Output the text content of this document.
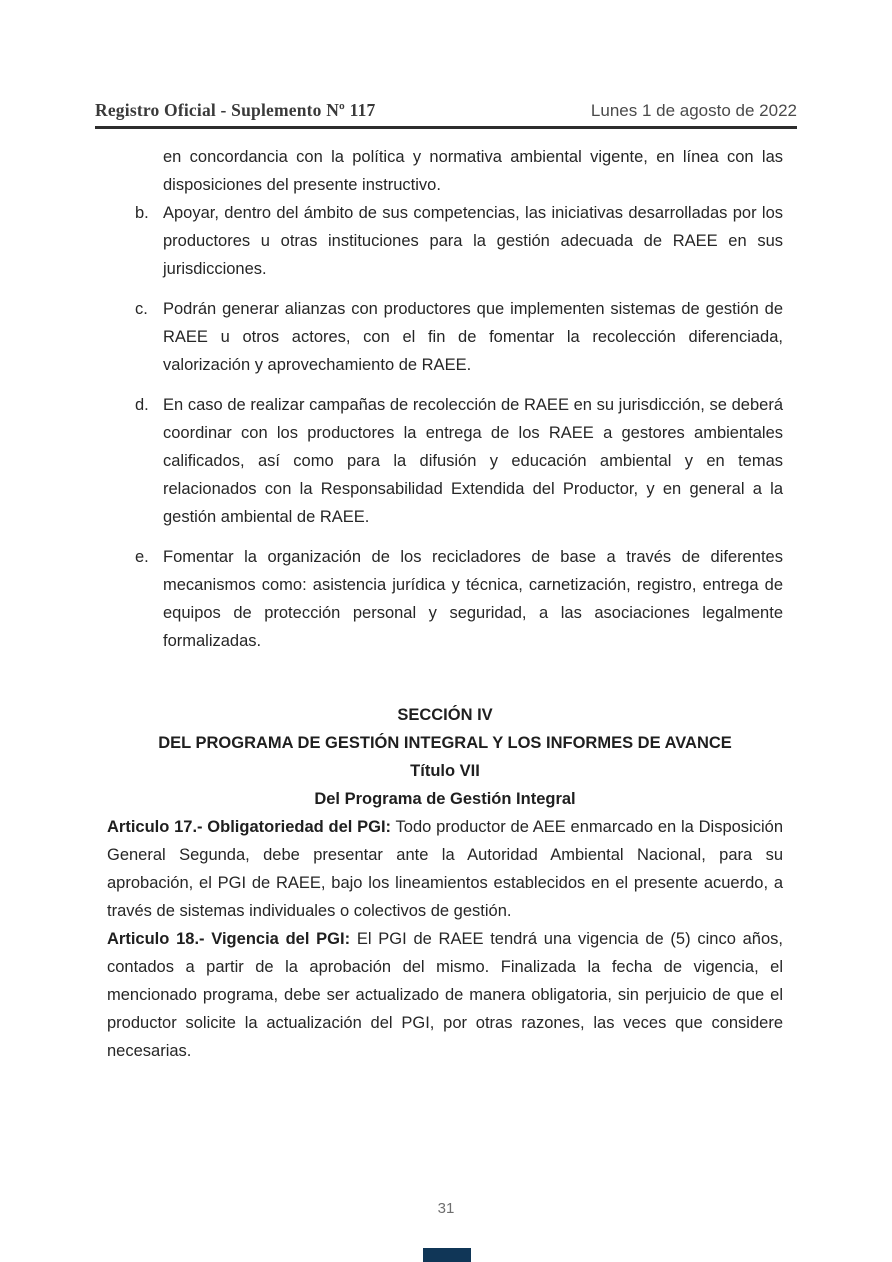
Registro Oficial - Suplemento Nº 117	Lunes 1 de agosto de 2022

en concordancia con la política y normativa ambiental vigente, en línea con las disposiciones del presente instructivo.

b. Apoyar, dentro del ámbito de sus competencias, las iniciativas desarrolladas por los productores u otras instituciones para la gestión adecuada de RAEE en sus jurisdicciones.

c. Podrán generar alianzas con productores que implementen sistemas de gestión de RAEE u otros actores, con el fin de fomentar la recolección diferenciada, valorización y aprovechamiento de RAEE.

d. En caso de realizar campañas de recolección de RAEE en su jurisdicción, se deberá coordinar con los productores la entrega de los RAEE a gestores ambientales calificados, así como para la difusión y educación ambiental y en temas relacionados con la Responsabilidad Extendida del Productor, y en general a la gestión ambiental de RAEE.

e. Fomentar la organización de los recicladores de base a través de diferentes mecanismos como: asistencia jurídica y técnica, carnetización, registro, entrega de equipos de protección personal y seguridad, a las asociaciones legalmente formalizadas.

SECCIÓN IV

DEL PROGRAMA DE GESTIÓN INTEGRAL Y LOS INFORMES DE AVANCE

Título VII

Del Programa de Gestión Integral

Articulo 17.- Obligatoriedad del PGI: Todo productor de AEE enmarcado en la Disposición General Segunda, debe presentar ante la Autoridad Ambiental Nacional, para su aprobación, el PGI de RAEE, bajo los lineamientos establecidos en el presente acuerdo, a través de sistemas individuales o colectivos de gestión.

Articulo 18.- Vigencia del PGI: El PGI de RAEE tendrá una vigencia de (5) cinco años, contados a partir de la aprobación del mismo. Finalizada la fecha de vigencia, el mencionado programa, debe ser actualizado de manera obligatoria, sin perjuicio de que el productor solicite la actualización del PGI, por otras razones, las veces que considere necesarias.

31
